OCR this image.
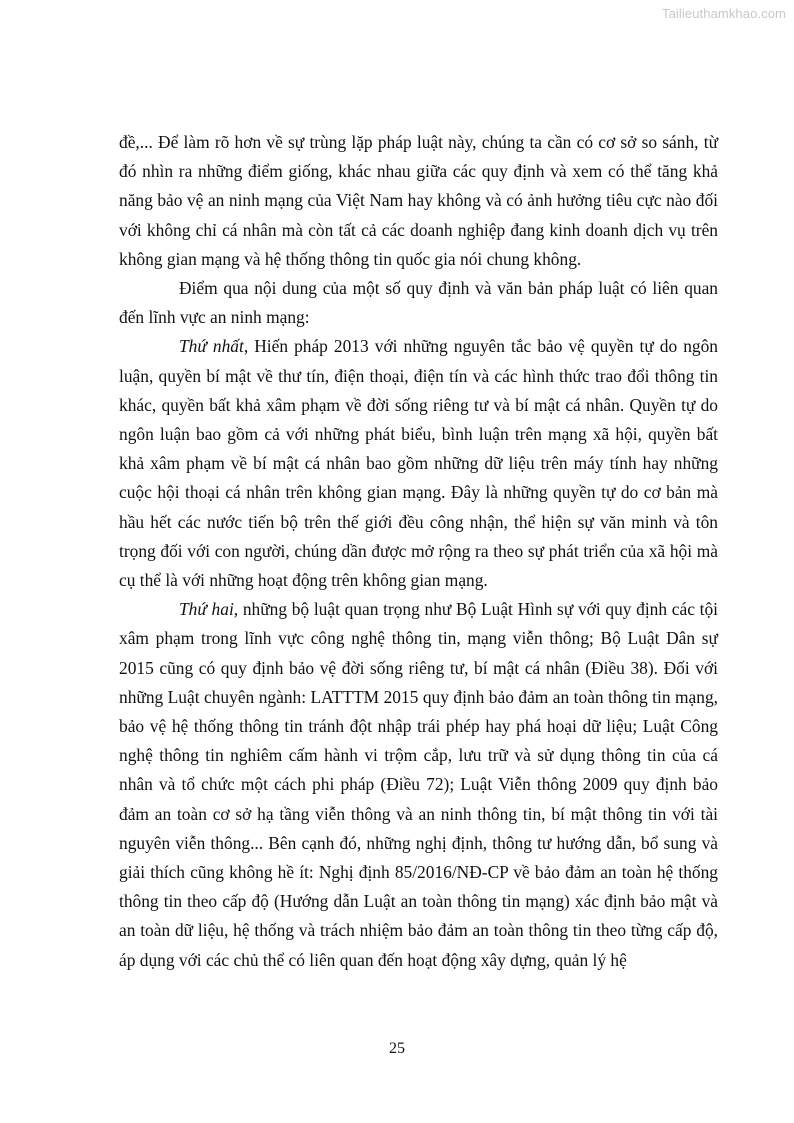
Tailieuthamkhao.com

đề,... Để làm rõ hơn về sự trùng lặp pháp luật này, chúng ta cần có cơ sở so sánh, từ đó nhìn ra những điểm giống, khác nhau giữa các quy định và xem có thể tăng khả năng bảo vệ an ninh mạng của Việt Nam hay không và có ảnh hưởng tiêu cực nào đối với không chỉ cá nhân mà còn tất cả các doanh nghiệp đang kinh doanh dịch vụ trên không gian mạng và hệ thống thông tin quốc gia nói chung không.

Điểm qua nội dung của một số quy định và văn bản pháp luật có liên quan đến lĩnh vực an ninh mạng:

Thứ nhất, Hiến pháp 2013 với những nguyên tắc bảo vệ quyền tự do ngôn luận, quyền bí mật về thư tín, điện thoại, điện tín và các hình thức trao đổi thông tin khác, quyền bất khả xâm phạm về đời sống riêng tư và bí mật cá nhân. Quyền tự do ngôn luận bao gồm cả với những phát biểu, bình luận trên mạng xã hội, quyền bất khả xâm phạm về bí mật cá nhân bao gồm những dữ liệu trên máy tính hay những cuộc hội thoại cá nhân trên không gian mạng. Đây là những quyền tự do cơ bản mà hầu hết các nước tiến bộ trên thế giới đều công nhận, thể hiện sự văn minh và tôn trọng đối với con người, chúng dần được mở rộng ra theo sự phát triển của xã hội mà cụ thể là với những hoạt động trên không gian mạng.

Thứ hai, những bộ luật quan trọng như Bộ Luật Hình sự với quy định các tội xâm phạm trong lĩnh vực công nghệ thông tin, mạng viễn thông; Bộ Luật Dân sự 2015 cũng có quy định bảo vệ đời sống riêng tư, bí mật cá nhân (Điều 38). Đối với những Luật chuyên ngành: LATTTM 2015 quy định bảo đảm an toàn thông tin mạng, bảo vệ hệ thống thông tin tránh đột nhập trái phép hay phá hoại dữ liệu; Luật Công nghệ thông tin nghiêm cấm hành vi trộm cắp, lưu trữ và sử dụng thông tin của cá nhân và tổ chức một cách phi pháp (Điều 72); Luật Viễn thông 2009 quy định bảo đảm an toàn cơ sở hạ tầng viễn thông và an ninh thông tin, bí mật thông tin với tài nguyên viễn thông... Bên cạnh đó, những nghị định, thông tư hướng dẫn, bổ sung và giải thích cũng không hề ít: Nghị định 85/2016/NĐ-CP về bảo đảm an toàn hệ thống thông tin theo cấp độ (Hướng dẫn Luật an toàn thông tin mạng) xác định bảo mật và an toàn dữ liệu, hệ thống và trách nhiệm bảo đảm an toàn thông tin theo từng cấp độ, áp dụng với các chủ thể có liên quan đến hoạt động xây dựng, quản lý hệ

25
